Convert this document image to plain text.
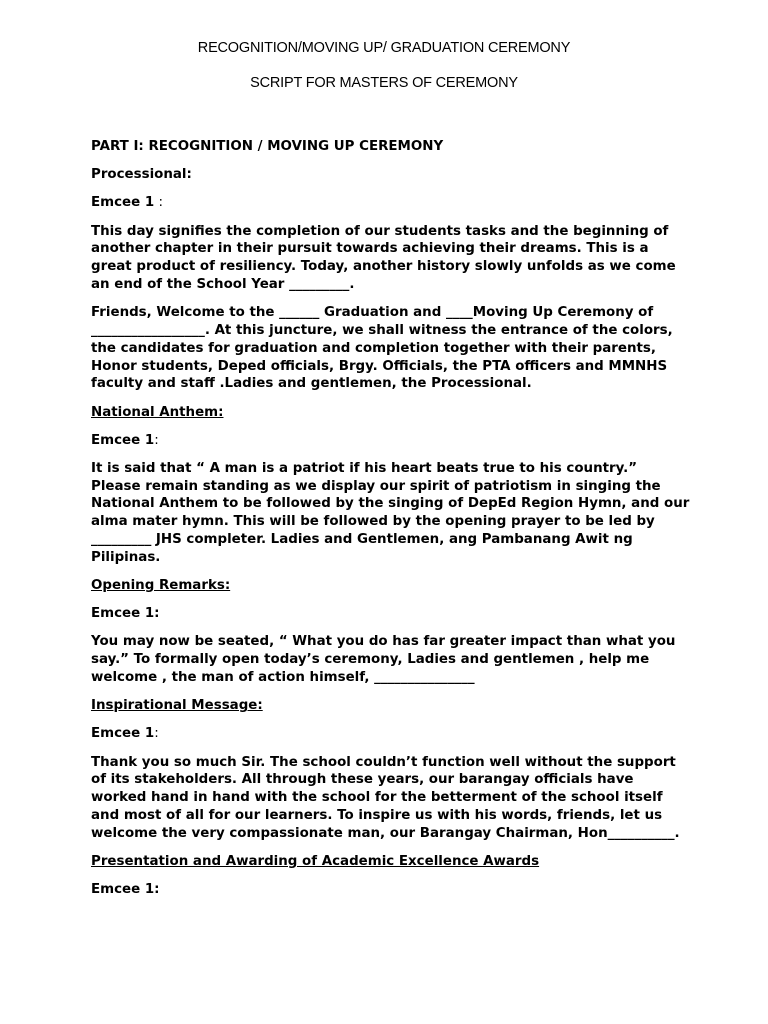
RECOGNITION/MOVING UP/ GRADUATION CEREMONY

SCRIPT FOR MASTERS OF CEREMONY

PART I: RECOGNITION / MOVING UP CEREMONY

Processional:

Emcee 1 :

This day signifies the completion of our students tasks and the beginning of another chapter in their pursuit towards achieving their dreams. This is a great product of resiliency. Today, another history slowly unfolds as we come an end of the School Year _________.

Friends, Welcome to the ______ Graduation and ____Moving Up Ceremony of _________________. At this juncture, we shall witness the entrance of the colors, the candidates for graduation and completion together with their parents, Honor students, Deped officials, Brgy. Officials, the PTA officers and MMNHS faculty and staff .Ladies and gentlemen, the Processional.

National Anthem:

Emcee 1:

It is said that “ A man is a patriot if his heart beats true to his country.” Please remain standing as we display our spirit of patriotism in singing the National Anthem to be followed by the singing of DepEd Region Hymn, and our alma mater hymn. This will be followed by the opening prayer to be led by _________ JHS completer. Ladies and Gentlemen, ang Pambanang Awit ng Pilipinas.

Opening Remarks:

Emcee 1:

You may now be seated, “ What you do has far greater impact than what you say.” To formally open today’s ceremony, Ladies and gentlemen , help me welcome , the man of action himself, _______________

Inspirational Message:

Emcee 1:

Thank you so much Sir. The school couldn’t function well without the support of its stakeholders. All through these years, our barangay officials have worked hand in hand with the school for the betterment of the school itself and most of all for our learners. To inspire us with his words, friends, let us welcome the very compassionate man, our Barangay Chairman, Hon__________.

Presentation and Awarding of Academic Excellence Awards

Emcee 1:
